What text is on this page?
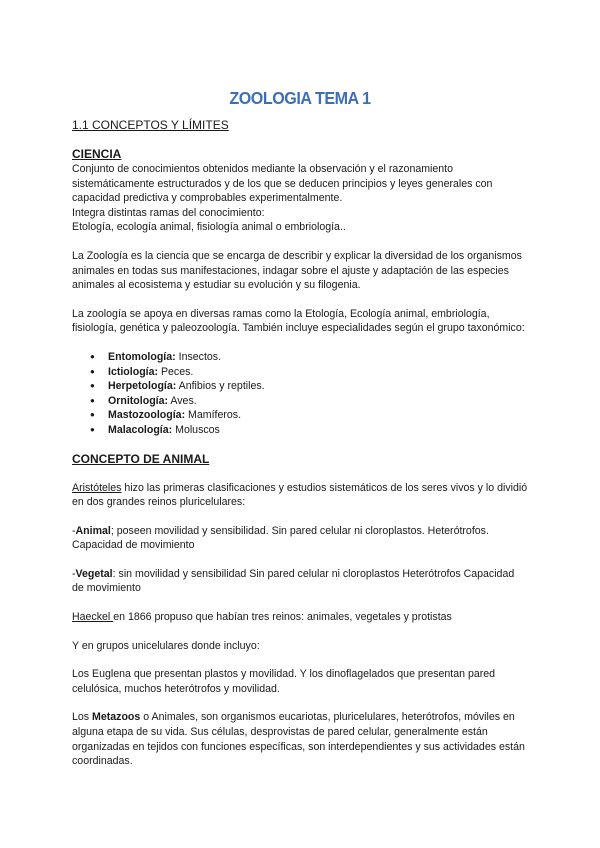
ZOOLOGIA TEMA 1

1.1 CONCEPTOS Y LÍMITES

CIENCIA

Conjunto de conocimientos obtenidos mediante la observación y el razonamiento

sistemáticamente estructurados y de los que se deducen principios y leyes generales con

capacidad predictiva y comprobables experimentalmente.

Integra distintas ramas del conocimiento:

Etología, ecología animal, fisiología animal o embriología..

La Zoología es la ciencia que se encarga de describir y explicar la diversidad de los organismos animales en todas sus manifestaciones, indagar sobre el ajuste y adaptación de las especies animales al ecosistema y estudiar su evolución y su filogenia.

La zoología se apoya en diversas ramas como la Etología, Ecología animal, embriología, fisiología, genética y paleozoología. También incluye especialidades según el grupo taxonómico:

● Entomología: Insectos.
● Ictiología: Peces.
● Herpetología: Anfibios y reptiles.
● Ornitología: Aves.
● Mastozoología: Mamíferos.
● Malacología: Moluscos

CONCEPTO DE ANIMAL

Aristóteles hizo las primeras clasificaciones y estudios sistemáticos de los seres vivos y lo dividió en dos grandes reinos pluricelulares:

-Animal; poseen movilidad y sensibilidad. Sin pared celular ni cloroplastos. Heterótrofos. Capacidad de movimiento

-Vegetal: sin movilidad y sensibilidad Sin pared celular ni cloroplastos Heterótrofos Capacidad de movimiento

Haeckel en 1866 propuso que habían tres reinos: animales, vegetales y protistas

Y en grupos unicelulares donde incluyo:

Los Euglena que presentan plastos y movilidad. Y los dinoflagelados que presentan pared celulósica, muchos heterótrofos y movilidad.

Los Metazoos o Animales, son organismos eucariotas, pluricelulares, heterótrofos, móviles en alguna etapa de su vida. Sus células, desprovistas de pared celular, generalmente están organizadas en tejidos con funciones específicas, son interdependientes y sus actividades están coordinadas.
